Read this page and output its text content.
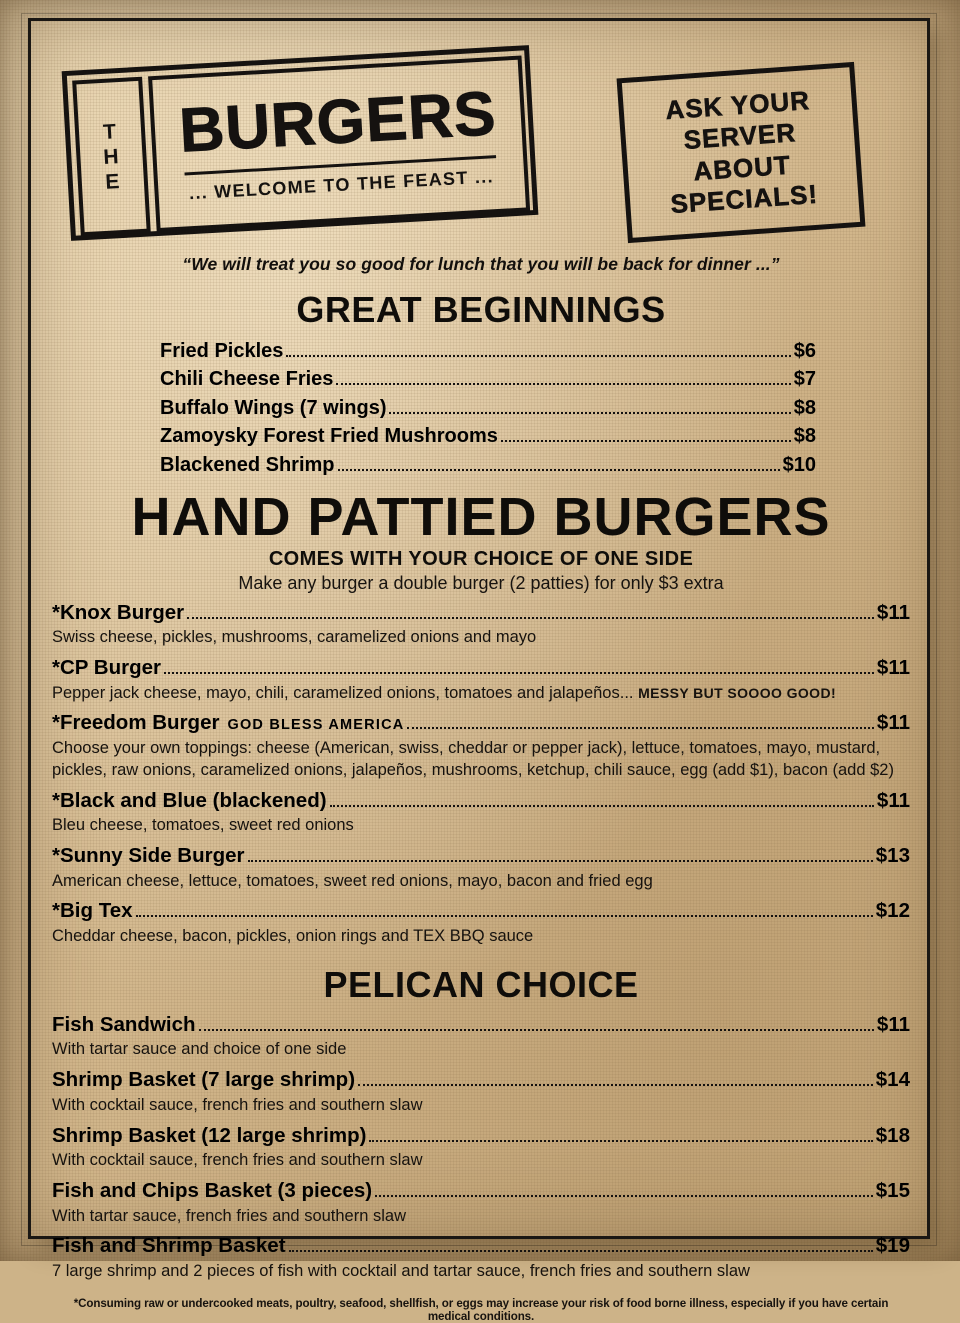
T
H
E
BURGERS
... WELCOME TO THE FEAST ...
ASK YOUR
SERVER
ABOUT
SPECIALS!
“We will treat you so good for lunch that you will be back for dinner ...”
GREAT BEGINNINGS
Fried Pickles	$6
Chili Cheese Fries	$7
Buffalo Wings (7 wings)	$8
Zamoysky Forest Fried Mushrooms	$8
Blackened Shrimp	$10
HAND PATTIED BURGERS
COMES WITH YOUR CHOICE OF ONE SIDE
Make any burger a double burger (2 patties) for only $3 extra
*Knox Burger	$11
Swiss cheese, pickles, mushrooms, caramelized onions and mayo
*CP Burger	$11
Pepper jack cheese, mayo, chili, caramelized onions, tomatoes and jalapeños... MESSY BUT SOOOO GOOD!
*Freedom Burger GOD BLESS AMERICA	$11
Choose your own toppings: cheese (American, swiss, cheddar or pepper jack), lettuce, tomatoes, mayo, mustard, pickles, raw onions, caramelized onions, jalapeños, mushrooms, ketchup, chili sauce, egg (add $1), bacon (add $2)
*Black and Blue (blackened)	$11
Bleu cheese, tomatoes, sweet red onions
*Sunny Side Burger	$13
American cheese, lettuce, tomatoes, sweet red onions, mayo, bacon and fried egg
*Big Tex	$12
Cheddar cheese, bacon, pickles, onion rings and TEX BBQ sauce
PELICAN CHOICE
Fish Sandwich	$11
With tartar sauce and choice of one side
Shrimp Basket (7 large shrimp)	$14
With cocktail sauce, french fries and southern slaw
Shrimp Basket (12 large shrimp)	$18
With cocktail sauce, french fries and southern slaw
Fish and Chips Basket (3 pieces)	$15
With tartar sauce, french fries and southern slaw
Fish and Shrimp Basket	$19
7 large shrimp and 2 pieces of fish with cocktail and tartar sauce, french fries and southern slaw
*Consuming raw or undercooked meats, poultry, seafood, shellfish, or eggs may increase your risk of food borne illness, especially if you have certain medical conditions.
